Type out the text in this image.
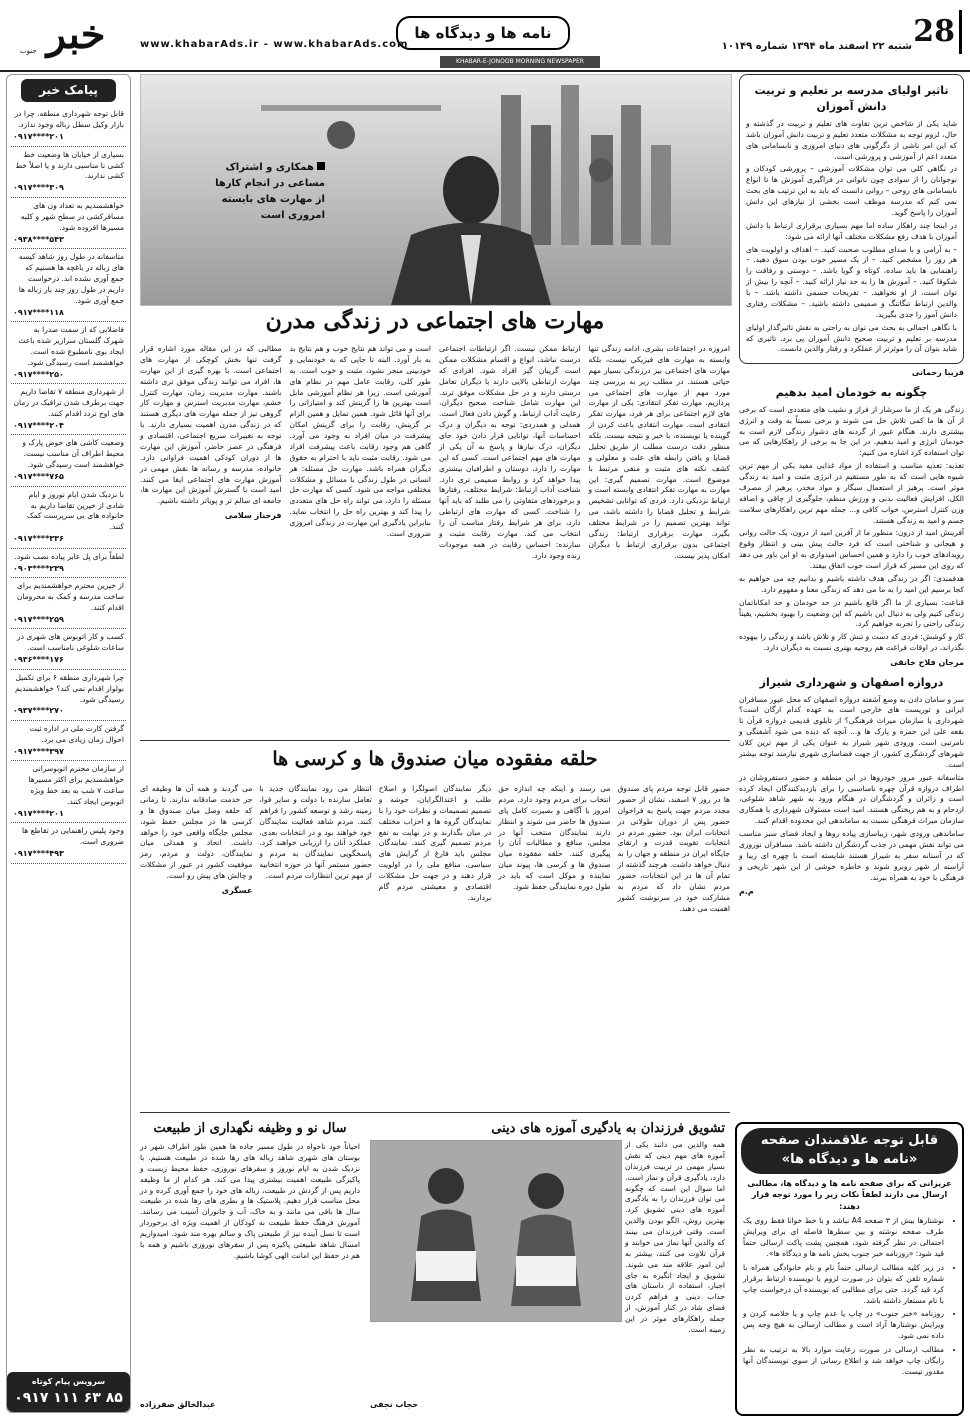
28
نامه ها و دیدگاه ها
www.khabarAds.ir - www.khabarAds.com	شنبه ۲۲ اسفند ماه ۱۳۹۴ شماره ۱۰۱۴۹
خبر
جنوب
KHABAR-E-JONOOB MORNING NEWSPAPER
پیامک خبر
قابل توجه شهرداری منطقه. چرا در بازار وکیل سطل زباله وجود ندارد.
۰۹۱۷****۲۰۱
بسیاری از خیابان ها وضعیت خط کشی نا مناسبی دارند و یا اصلاً خط کشی ندارند.
۰۹۱۷****۳۰۹
خواهشمندیم به تعداد ون های مسافرکشی در سطح شهر و کلیه مسیرها افزوده شود.
۰۹۳۸****۵۴۳
متاسفانه در طول روز شاهد کیسه های زباله در باغچه ها هستیم که جمع آوری نشده اند. درخواست داریم در طول روز چند بار زباله ها جمع آوری شود.
۰۹۱۷****۱۱۸
فاضلابی که از سمت صدرا به شهرک گلستان سرازیر شده باعث ایجاد بوی نامطبوع شده است. خواهشمند است رسیدگی شود.
۰۹۱۷****۲۵۰
از شهرداری منطقه ۷ تقاضا داریم جهت برطرف شدن ترافیک در زمان های اوج تردد اقدام کنند.
۰۹۱۷****۲۰۴
وضعیت کاشی های حوض پارک و محیط اطراف آن مناسب نیست. خواهشمند است رسیدگی شود.
۰۹۱۷****۷۶۵
با نزدیک شدن ایام نوروز و ایام شادی از خیرین تقاضا داریم به خانواده های بی سرپرست کمک کنند.
۰۹۱۷****۳۳۶
لطفاً برای پل عابر پیاده نصب شود.
۰۹۰۳****۲۳۹
از خیرین محترم خواهشمندیم برای ساخت مدرسه و کمک به محرومان اقدام کنند.
۰۹۱۷****۲۵۹
کسب و کار اتوبوس های شهری در ساعات شلوغی نامناسب است.
۰۹۳۶****۱۷۶
چرا شهرداری منطقه ۶ برای تکمیل بولوار اقدام نمی کند؟ خواهشمندیم رسیدگی شود.
۰۹۳۷****۲۷۰
گرفتن کارت ملی در اداره ثبت احوال زمان زیادی می برد.
۰۹۱۷****۳۹۷
از سازمان محترم اتوبوسرانی خواهشمندیم برای اکثر مسیرها ساعت ۷ شب به بعد خط ویژه اتوبوس ایجاد کنند.
۰۹۱۷****۲۰۱
وجود پلیس راهنمایی در تقاطع ها ضروری است.
۰۹۱۷****۴۹۳
سرویس پیام کوتاه
۰۹۱۷ ۱۱۱ ۶۳ ۸۵
تاثیر اولیای مدرسه بر تعلیم و تربیت دانش آموزان

شاید یکی از شاخص ترین تفاوت های تعلیم و تربیت در گذشته و حال، لزوم توجه به مشکلات متعدد تعلیم و تربیت دانش آموزان باشد که این امر ناشی از دگرگونی های دنیای امروزی و نابسامانی های متعدد اعم از آموزشی و پرورشی است.

در نگاهی کلی می توان مشکلات آموزشی – پرورشی کودکان و نوجوانان را از سوادی چون ناتوانی در فراگیری آموزش ها تا انواع نابسامانی های روحی – روانی دانست که باید به این ترتیب های بحث نمی کنم که مدرسه موظف است بخشی از نیازهای این دانش آموزان را پاسخ گوید.

در اینجا چند راهکار ساده اما مهم بسیاری برقراری ارتباط با دانش آموزان با هدف رفع مشکلات مختلف آنها ارائه می شود:

– به آرامی و با صدای مطلوب صحبت کنید. – اهداف و اولویت های هر روز را مشخص کنید. – از یک مسیر خوب بودن سوق دهید. – راهنمایی ها باید ساده، کوتاه و گویا باشد. – دوستی و رفاقت را شکوفا کنید. – آموزش ها را به حد نیاز ارائه کنید. – آنچه را بیش از توان است، از او نخواهید. – تفریحات جسمی داشته باشد. – با والدین ارتباط تنگاتنگ و صمیمی داشته باشید. – مشکلات رفتاری دانش آموز را جدی بگیرید.

با نگاهی اجمالی به بحث می توان به راحتی به نقش تاثیرگذار اولیای مدرسه بر تعلیم و تربیت صحیح دانش آموزان پی برد. تاثیری که شاید بتوان آن را موثرتر از عملکرد و رفتار والدین دانست.

فریبا رحمانی
چگونه به خودمان امید بدهیم

زندگی هر یک از ما سرشار از فراز و نشیب های متعددی است که برخی از آن ها ما کمی تلاش حل می شوند و برخی نسبتاً به وقت و انرژی بیشتری دارند. هنگام عبور از گردنه های دشوار زندگی لازم است به خودمان انرژی و امید بدهیم. در این جا به برخی از راهکارهایی که می توان استفاده کرد اشاره می کنیم:

تغذیه: تغذیه مناسب و استفاده از مواد غذایی مفید یکی از مهم ترین شیوه هایی است که به طور مستقیم در انرژی مثبت و امید به زندگی موثر است. پرهیز از استعمال سیگار و مواد مخدر، پرهیز از مصرف الکل، افزایش فعالیت بدنی و ورزش منظم، جلوگیری از چاقی و اضافه وزن کنترل استرس، خواب کافی و... جمله مهم ترین راهکارهای سلامت جسم و امید به زندگی هستند.

آفرینش امید از درون: منظور ما از آفرین امید از درون، یک حالت روانی و هیجانی و شناختی است که فرد حالت پیش بینی و انتظار وقوع رویدادهای خوب را دارد و همین احساس امیدواری به او این باور می دهد که روی این مسیر که قرار است خوب اتفاق بیفتد.

هدفمندی: اگر در زندگی هدف داشته باشیم و بدانیم چه می خواهیم به کجا برسیم این امید را به ما می دهد که زندگی معنا و مفهوم دارد.

قناعت: بسیاری از ما اگر قانع باشیم در حد خودمان و حد امکاناتمان زندگی کنیم ولی به دنبال این باشیم که این وضعیت را بهبود بخشیم، یقیناً زندگی راحتی را تجربه خواهیم کرد.

کار و کوشش: فردی که دست و تنش کار و تلاش باشد و زندگی را بیهوده نگذراند، در اوقات فراغت هم روحیه بهتری نسبت به دیگران دارد.

مرجان فلاح خانقی
دروازه اصفهان و شهرداری شیراز

سر و سامان دادن به وضع آشفته دروازه اصفهان که محل عبور مسافران ایرانی و توریست های خارجی است به عهده کدام ارگان است؟ شهرداری یا سازمان میراث فرهنگی؟ از تابلوی قدیمی دروازه قرآن تا بقعه علی ابن حمزه و پارک ها و... آنچه که دیده می شود آشفتگی و نامرتبی است. ورودی شهر شیراز به عنوان یکی از مهم ترین کلان شهرهای گردشگری کشور، از جهت فضاسازی شهری نیازمند توجه بیشتر است.

متاسفانه عبور مرور خودروها در این منطقه و حضور دستفروشان در اطراف دروازه قرآن چهره نامناسبی را برای بازدیدکنندگان ایجاد کرده است و زائران و گردشگران در هنگام ورود به شهر شاهد شلوغی، ازدحام و به هم ریختگی هستند. امید است مسئولان شهرداری با همکاری سازمان میراث فرهنگی نسبت به ساماندهی این محدوده اقدام کنند.

ساماندهی ورودی شهر، زیباسازی پیاده روها و ایجاد فضای سبز مناسب می تواند نقش مهمی در جذب گردشگران داشته باشد. مسافران نوروزی که در آستانه سفر به شیراز هستند شایسته است با چهره ای زیبا و آراسته از شهر روبرو شوند و خاطره خوشی از این شهر تاریخی و فرهنگی با خود به همراه ببرند.

م.م
قابل توجه علاقمندان صفحه
«نامه ها و دیدگاه ها»

عزیزانی که برای صفحه نامه ها و دیدگاه ها، مطالبی ارسال می دارند لطفاً نکات زیر را مورد توجه قرار دهند:

• نوشتارها بیش از ۳ صفحه A4 نباشد و با خط خوانا فقط روی یک طرف صفحه نوشته و بین سطرها فاصله ای برای ویرایش احتمالی در نظر گرفته شود، همچنین پشت پاکت ارسالی حتماً قید شود: «روزنامه خبر جنوب بخش نامه ها و دیدگاه ها».
• در زیر کلیه مطالب ارسالی حتماً نام و نام خانوادگی همراه با شماره تلفن که بتوان در صورت لزوم با نویسنده ارتباط برقرار کرد قید گردد. حتی برای مطالبی که نویسنده آن درخواست چاپ با نام مستعار داشته باشد.
• روزنامه «خبر جنوب» در چاپ یا عدم چاپ و یا خلاصه کردن و ویرایش نوشتارها آزاد است و مطالب ارسالی به هیچ وجه پس داده نمی شود.
• مطالب ارسالی در صورت رعایت موارد بالا به ترتیب به نظر رایگان چاپ خواهد شد و اطلاع رسانی از سوی نویسندگان آنها مقدور نیست.
همکاری و اشتراک مساعی در انجام کارها از مهارت های بایسته امروزی است
مهارت های اجتماعی در زندگی مدرن

امروزه در اجتماعات بشری، ادامه زندگی تنها وابسته به مهارت های فیزیکی نیست، بلکه مهارت های اجتماعی نیز درزندگی بسیار مهم حیاتی هستند. در مطلب زیر به بررسی چند مورد مهم از مهارت های اجتماعی می پردازیم. مهارت تفکر انتقادی: یکی از مهارت های لازم اجتماعی برای هر فرد، مهارت تفکر انتقادی است. مهارت انتقادی باعث کردن از گوینده یا نویسنده، با خبر و نتیجه نیست. بلکه منظور دقت درست مطلب از طریق تحلیل قضایا و یافتن رابطه های علت و معلولی و کشف نکته های مثبت و منفی مرتبط با موضوع است. مهارت تصمیم گیری: این مهارت به مهارت تفکر انتقادی وابسته است و ارتباط نزدیکی دارد. فردی که توانایی تشخیص شرایط و تحلیل قضایا را داشته باشد، می تواند بهترین تصمیم را در شرایط مختلف بگیرد. مهارت برقراری ارتباط: زندگی اجتماعی بدون برقراری ارتباط با دیگران امکان پذیر نیست.

ارتباط ممکن نیست. اگر ارتباطات اجتماعی درست نباشد، انواع و اقسام مشکلات ممکن است گریبان گیر افراد شود. افرادی که مهارت ارتباطی بالایی دارند با دیگران تعامل درستی دارند و در حل مشکلات موفق ترند. این مهارت شامل شناخت صحیح دیگران، رعایت آداب ارتباط، و گوش دادن فعال است. همدلی و همدردی: توجه به دیگران و درک احساسات آنها، توانایی قرار دادن خود جای دیگران، درک نیازها و پاسخ به آن یکی از مهارت های مهم اجتماعی است. کسی که این مهارت را دارد، دوستان و اطرافیان بیشتری پیدا خواهد کرد و روابط صمیمی تری دارد. شناخت آداب ارتباط: شرایط مختلف، رفتارها و برخوردهای متفاوتی را می طلبد که باید آنها را شناخت. کسی که مهارت های ارتباطی دارد، برای هر شرایط رفتار مناسب آن را انتخاب می کند. مهارت رقابت مثبت و سازنده: احساس رقابت در همه موجودات زنده وجود دارد.

است و می تواند هم نتایج خوب و هم نتایج بد به بار آورد. البته تا جایی که به خودنمایی و خودبینی منجر نشود، مثبت و خوب است. به طور کلی، رقابت عامل مهم در نظام های آموزشی است. زیرا هر نظام آموزشی مایل است بهترین ها را گزینش کند و امتیازاتی را برای آنها قائل شود. همین تمایل و همین الزام بر گزینش، رقابت را برای گزینش امکان پیشرفت در میان افراد به وجود می آورد. گاهی هم وجود رقابت باعث پیشرفت افراد می شود. رقابت مثبت باید با احترام به حقوق دیگران همراه باشد. مهارت حل مسئله: هر انسانی در طول زندگی با مسائل و مشکلات مختلفی مواجه می شود. کسی که مهارت حل مسئله را دارد، می تواند راه حل های متعددی را پیدا کند و بهترین راه حل را انتخاب نماید. بنابراین یادگیری این مهارت در زندگی امروزی ضروری است.

مطالبی که در این مقاله مورد اشاره قرار گرفت تنها بخش کوچکی از مهارت های اجتماعی است. با بهره گیری از این مهارت ها، افراد می توانند زندگی موفق تری داشته باشند. مهارت مدیریت زمان، مهارت کنترل خشم، مهارت مدیریت استرس و مهارت کار گروهی نیز از جمله مهارت های دیگری هستند که در زندگی مدرن اهمیت بسیاری دارند. با توجه به تغییرات سریع اجتماعی، اقتصادی و فرهنگی در عصر حاضر، آموزش این مهارت ها از دوران کودکی اهمیت فراوانی دارد. خانواده، مدرسه و رسانه ها نقش مهمی در آموزش مهارت های اجتماعی ایفا می کنند. امید است با گسترش آموزش این مهارت ها، جامعه ای سالم تر و پویاتر داشته باشیم.

فرحناز سلامی
حلقه مفقوده میان صندوق ها و کرسی ها

حضور قابل توجه مردم پای صندوق ها در روز ۷ اسفند، نشان از حضور مجدد مردم جهت پاسخ به فراخوان حضور پس از دوران طولانی در انتخابات ایران بود. حضور مردم در انتخابات تقویت قدرت و ارتقای جایگاه ایران در منطقه و جهان را به دنبال خواهد داشت. هرچند گذشته از تمام آن ها در این انتخابات، حضور مردم نشان داد که مردم به مشارکت خود در سرنوشت کشور اهمیت می دهند.

می رسند و اینکه چه اندازه حق انتخاب برای مردم وجود دارد. مردم امروز با آگاهی و بصیرت کامل پای صندوق ها حاضر می شوند و انتظار دارند نمایندگان منتخب آنها در مجلس، منافع و مطالبات آنان را پیگیری کنند. حلقه مفقوده میان صندوق ها و کرسی ها، پیوند میان نماینده و موکل است که باید در طول دوره نمایندگی حفظ شود.

دیگر نمایندگان اصولگرا و اصلاح طلب و اعتدالگرایان، جوشه و تصمیم تصمیمات و نظرات خود را با نمایندگان گروه ها و احزاب مختلف در میان بگذارند و در نهایت به نفع مردم تصمیم گیری کنند. نمایندگان مجلس باید فارغ از گرایش های سیاسی، منافع ملی را در اولویت قرار دهند و در جهت حل مشکلات اقتصادی و معیشتی مردم گام بردارند.

انتظار می رود نمایندگان جدید با تعامل سازنده با دولت و سایر قوا، زمینه رشد و توسعه کشور را فراهم کنند. مردم شاهد فعالیت نمایندگان خود خواهند بود و در انتخابات بعدی، عملکرد آنان را ارزیابی خواهند کرد. پاسخگویی نمایندگان به مردم و حضور مستمر آنها در حوزه انتخابیه از مهم ترین انتظارات مردم است.

می گردند و همه آن ها وظیفه ای جز خدمت صادقانه ندارند. تا زمانی که حلقه وصل میان صندوق ها و کرسی ها در مجلس حفظ شود، مجلس جایگاه واقعی خود را خواهد داشت. اتحاد و همدلی میان نمایندگان، دولت و مردم، رمز موفقیت کشور در عبور از مشکلات و چالش های پیش رو است.

عسگری
سال نو و وظیفه نگهداری از طبیعت

احیاناً خود ناخواه در طول مسیر جاده ها همین طور اطراف شهر در بوستان های شهری شاهد زباله های رها شده در طبیعت هستیم. با نزدیک شدن به ایام نوروز و سفرهای نوروزی، حفظ محیط زیست و پاکیزگی طبیعت اهمیت بیشتری پیدا می کند. هر کدام از ما وظیفه داریم پس از گردش در طبیعت، زباله های خود را جمع آوری کرده و در محل مناسب قرار دهیم. پلاستیک ها و بطری های رها شده در طبیعت سال ها باقی می مانند و به خاک، آب و جانوران آسیب می رسانند. آموزش فرهنگ حفظ طبیعت به کودکان از اهمیت ویژه ای برخوردار است تا نسل آینده نیز از طبیعتی پاک و سالم بهره مند شود. امیدواریم امسال شاهد طبیعتی پاکیزه پس از سفرهای نوروزی باشیم و همه با هم در حفظ این امانت الهی کوشا باشیم.

عبدالخالق صفرزاده
تشویق فرزندان به یادگیری آموزه های دینی

همه والدین می دانند یکی از آموزه های مهم دینی که نقش بسیار مهمی در تربیت فرزندان دارد، یادگیری قرآن و نماز است. اما سوال این است که چگونه می توان فرزندان را به یادگیری آموزه های دینی تشویق کرد. بهترین روش، الگو بودن والدین است. وقتی فرزندان می بینند که والدین آنها نماز می خوانند و قرآن تلاوت می کنند، بیشتر به این امور علاقه مند می شوند. تشویق و ایجاد انگیزه به جای اجبار، استفاده از داستان های جذاب دینی و فراهم کردن فضای شاد در کنار آموزش، از جمله راهکارهای موثر در این زمینه است.

حجاب نجفی
